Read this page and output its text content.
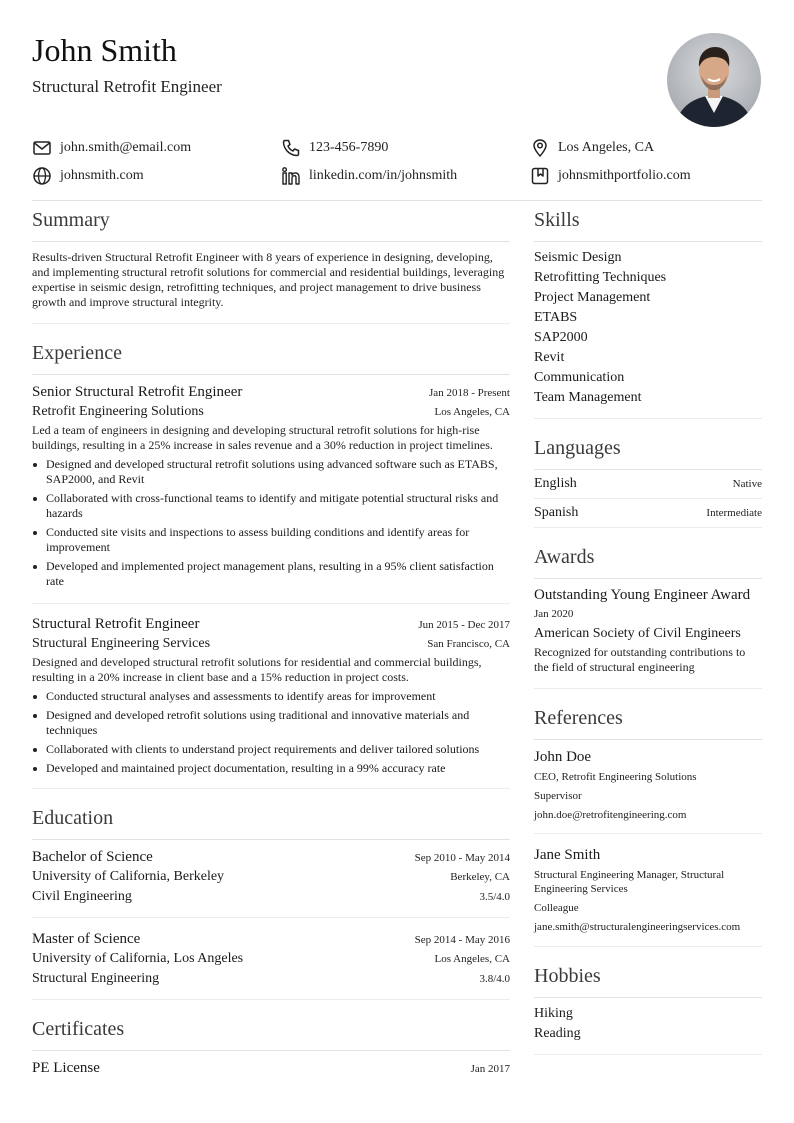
John Smith
Structural Retrofit Engineer
john.smith@email.com	123-456-7890	Los Angeles, CA
johnsmith.com	linkedin.com/in/johnsmith	johnsmithportfolio.com
Summary
Results-driven Structural Retrofit Engineer with 8 years of experience in designing, developing, and implementing structural retrofit solutions for commercial and residential buildings, leveraging expertise in seismic design, retrofitting techniques, and project management to drive business growth and improve structural integrity.
Experience
Senior Structural Retrofit Engineer	Jan 2018 - Present
Retrofit Engineering Solutions	Los Angeles, CA
Led a team of engineers in designing and developing structural retrofit solutions for high-rise buildings, resulting in a 25% increase in sales revenue and a 30% reduction in project timelines.
Designed and developed structural retrofit solutions using advanced software such as ETABS, SAP2000, and Revit
Collaborated with cross-functional teams to identify and mitigate potential structural risks and hazards
Conducted site visits and inspections to assess building conditions and identify areas for improvement
Developed and implemented project management plans, resulting in a 95% client satisfaction rate
Structural Retrofit Engineer	Jun 2015 - Dec 2017
Structural Engineering Services	San Francisco, CA
Designed and developed structural retrofit solutions for residential and commercial buildings, resulting in a 20% increase in client base and a 15% reduction in project costs.
Conducted structural analyses and assessments to identify areas for improvement
Designed and developed retrofit solutions using traditional and innovative materials and techniques
Collaborated with clients to understand project requirements and deliver tailored solutions
Developed and maintained project documentation, resulting in a 99% accuracy rate
Education
Bachelor of Science	Sep 2010 - May 2014
University of California, Berkeley	Berkeley, CA
Civil Engineering	3.5/4.0
Master of Science	Sep 2014 - May 2016
University of California, Los Angeles	Los Angeles, CA
Structural Engineering	3.8/4.0
Certificates
PE License	Jan 2017
Skills
Seismic Design
Retrofitting Techniques
Project Management
ETABS
SAP2000
Revit
Communication
Team Management
Languages
English	Native
Spanish	Intermediate
Awards
Outstanding Young Engineer Award
Jan 2020
American Society of Civil Engineers
Recognized for outstanding contributions to the field of structural engineering
References
John Doe
CEO, Retrofit Engineering Solutions
Supervisor
john.doe@retrofitengineering.com
Jane Smith
Structural Engineering Manager, Structural Engineering Services
Colleague
jane.smith@structuralengineeringservices.com
Hobbies
Hiking
Reading
